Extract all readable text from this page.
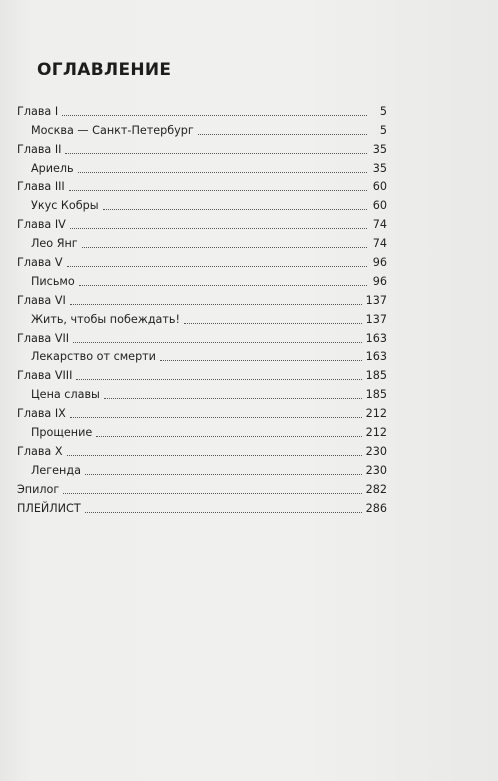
ОГЛАВЛЕНИЕ
Глава I	5
Москва — Санкт-Петербург	5
Глава II	35
Ариель	35
Глава III	60
Укус Кобры	60
Глава IV	74
Лео Янг	74
Глава V	96
Письмо	96
Глава VI	137
Жить, чтобы побеждать!	137
Глава VII	163
Лекарство от смерти	163
Глава VIII	185
Цена славы	185
Глава IX	212
Прощение	212
Глава X	230
Легенда	230
Эпилог	282
ПЛЕЙЛИСТ	286
